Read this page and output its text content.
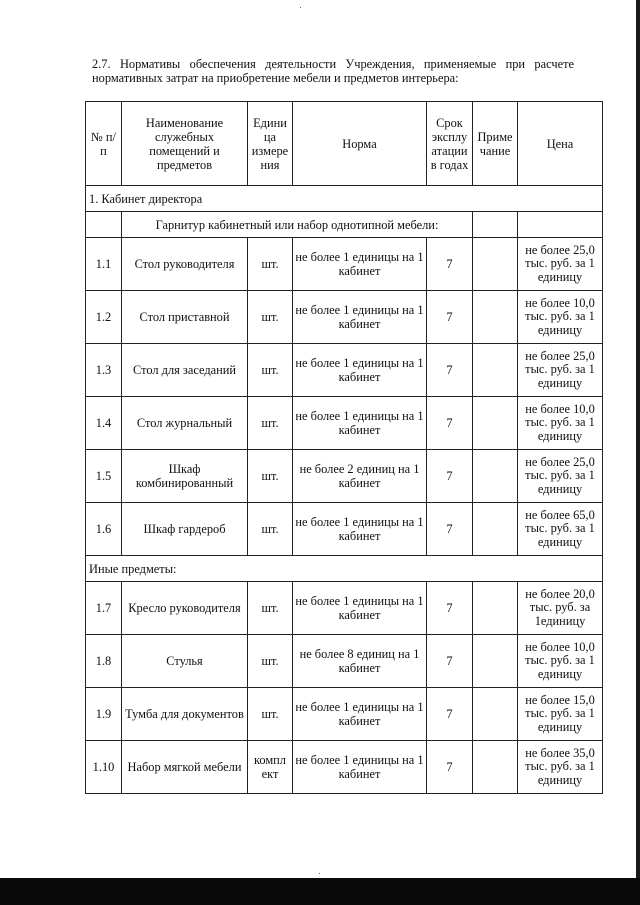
2.7. Нормативы обеспечения деятельности Учреждения, применяемые при расчете
нормативных затрат на приобретение мебели и предметов интерьера:
№ п/п	Наименование служебных помещений и предметов	Едини ца измере ния	Норма	Срок эксплу атации в годах	Приме чание	Цена
1. Кабинет директора						
	Гарнитур кабинетный или набор однотипной мебели:					
1.1	Стол руководителя	шт.	не более 1 единицы на 1 кабинет	7		не более 25,0 тыс. руб. за 1 единицу
1.2	Стол приставной	шт.	не более 1 единицы на 1 кабинет	7		не более 10,0 тыс. руб. за 1 единицу
1.3	Стол для заседаний	шт.	не более 1 единицы на 1 кабинет	7		не более 25,0 тыс. руб. за 1 единицу
1.4	Стол журнальный	шт.	не более 1 единицы на 1 кабинет	7		не более 10,0 тыс. руб. за 1 единицу
1.5	Шкаф комбинированный	шт.	не более 2 единиц на 1 кабинет	7		не более 25,0 тыс. руб. за 1 единицу
1.6	Шкаф гардероб	шт.	не более 1 единицы на 1 кабинет	7		не более 65,0 тыс. руб. за 1 единицу
Иные предметы:						
1.7	Кресло руководителя	шт.	не более 1 единицы на 1 кабинет	7		не более 20,0 тыс. руб. за 1единицу
1.8	Стулья	шт.	не более 8 единиц на 1 кабинет	7		не более 10,0 тыс. руб. за 1 единицу
1.9	Тумба для документов	шт.	не более 1 единицы на 1 кабинет	7		не более 15,0 тыс. руб. за 1 единицу
1.10	Набор мягкой мебели	компл ект	не более 1 единицы на 1 кабинет	7		не более 35,0 тыс. руб. за 1 единицу
